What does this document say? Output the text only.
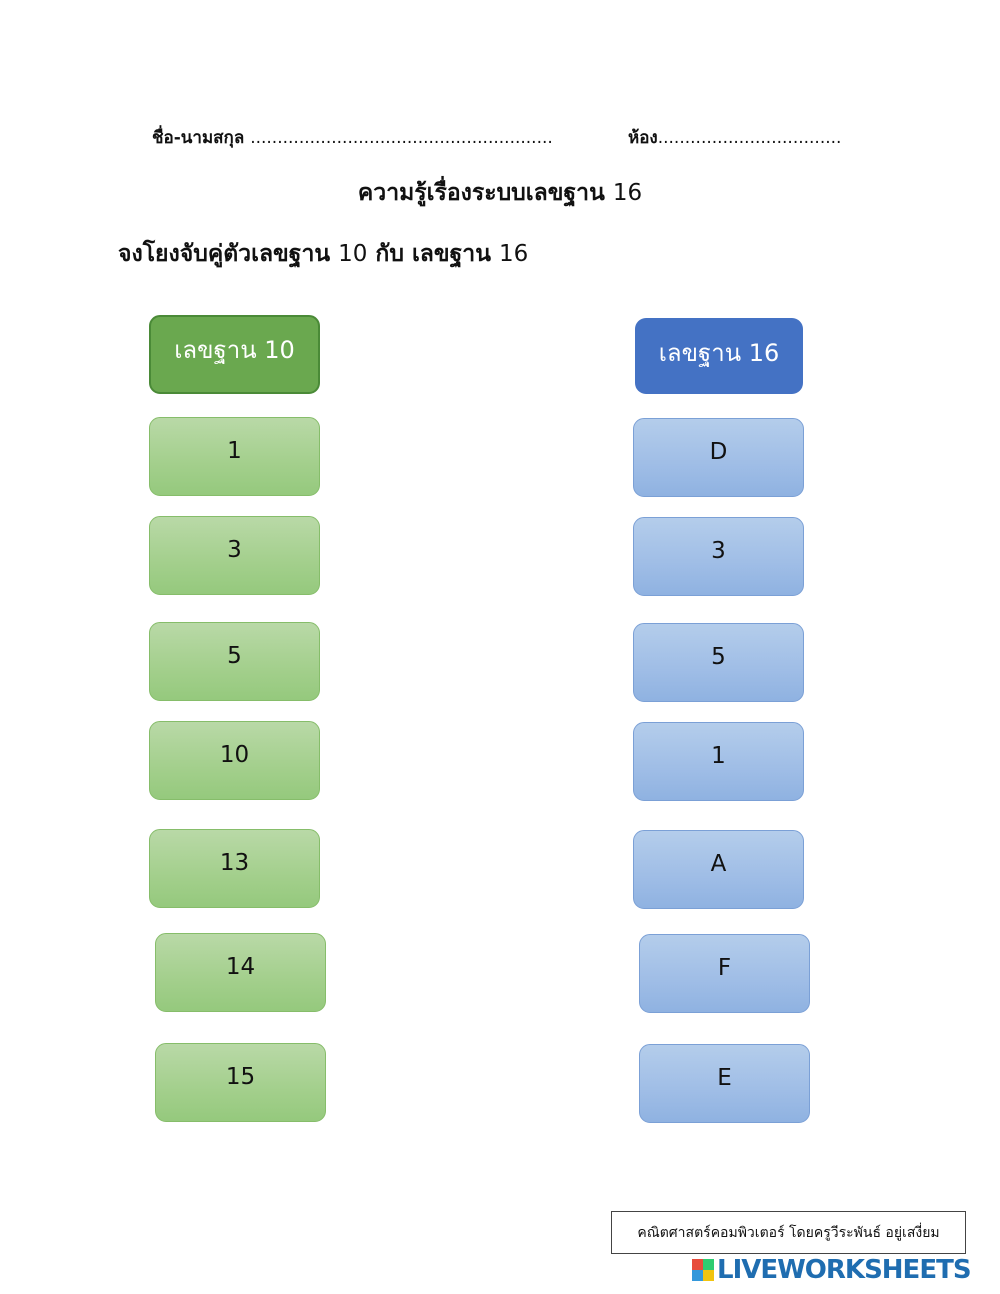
ชื่อ-นามสกุล ........................................................	ห้อง..................................
ความรู้เรื่องระบบเลขฐาน 16
จงโยงจับคู่ตัวเลขฐาน 10 กับ เลขฐาน 16
เลขฐาน 10
1
3
5
10
13
14
15
เลขฐาน 16
D
3
5
1
A
F
E
คณิตศาสตร์คอมพิวเตอร์ โดยครูวีระพันธ์ อยู่เสงี่ยม
LIVEWORKSHEETS
